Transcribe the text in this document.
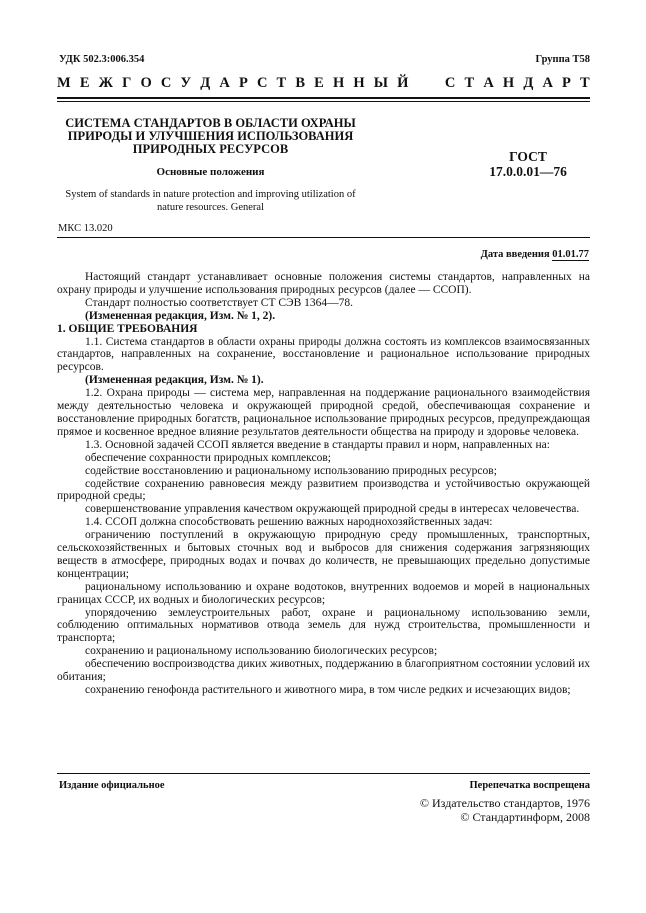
УДК 502.3:006.354	Группа Т58
М Е Ж Г О С У Д А Р С Т В Е Н Н Ы Й	С Т А Н Д А Р Т
СИСТЕМА СТАНДАРТОВ В ОБЛАСТИ ОХРАНЫ ПРИРОДЫ И УЛУЧШЕНИЯ ИСПОЛЬЗОВАНИЯ ПРИРОДНЫХ РЕСУРСОВ
Основные положения
System of standards in nature protection and improving utilization of nature resources. General
ГОСТ
17.0.0.01—76
МКС 13.020
Дата введения 01.01.77

Настоящий стандарт устанавливает основные положения системы стандартов, направленных на охрану природы и улучшение использования природных ресурсов (далее — ССОП).

Стандарт полностью соответствует СТ СЭВ 1364—78.

(Измененная редакция, Изм. № 1, 2).

1. ОБЩИЕ ТРЕБОВАНИЯ

1.1. Система стандартов в области охраны природы должна состоять из комплексов взаимосвязанных стандартов, направленных на сохранение, восстановление и рациональное использование природных ресурсов.

(Измененная редакция, Изм. № 1).

1.2. Охрана природы — система мер, направленная на поддержание рационального взаимодействия между деятельностью человека и окружающей природной средой, обеспечивающая сохранение и восстановление природных богатств, рациональное использование природных ресурсов, предупреждающая прямое и косвенное вредное влияние результатов деятельности общества на природу и здоровье человека.

1.3. Основной задачей ССОП является введение в стандарты правил и норм, направленных на:

обеспечение сохранности природных комплексов;

содействие восстановлению и рациональному использованию природных ресурсов;

содействие сохранению равновесия между развитием производства и устойчивостью окружающей природной среды;

совершенствование управления качеством окружающей природной среды в интересах человечества.

1.4. ССОП должна способствовать решению важных народнохозяйственных задач:

ограничению поступлений в окружающую природную среду промышленных, транспортных, сельскохозяйственных и бытовых сточных вод и выбросов для снижения содержания загрязняющих веществ в атмосфере, природных водах и почвах до количеств, не превышающих предельно допустимые концентрации;

рациональному использованию и охране водотоков, внутренних водоемов и морей в национальных границах СССР, их водных и биологических ресурсов;

упорядочению землеустроительных работ, охране и рациональному использованию земли, соблюдению оптимальных нормативов отвода земель для нужд строительства, промышленности и транспорта;

сохранению и рациональному использованию биологических ресурсов;

обеспечению воспроизводства диких животных, поддержанию в благоприятном состоянии условий их обитания;

сохранению генофонда растительного и животного мира, в том числе редких и исчезающих видов;

Издание официальное	Перепечатка воспрещена
© Издательство стандартов, 1976
© Стандартинформ, 2008
